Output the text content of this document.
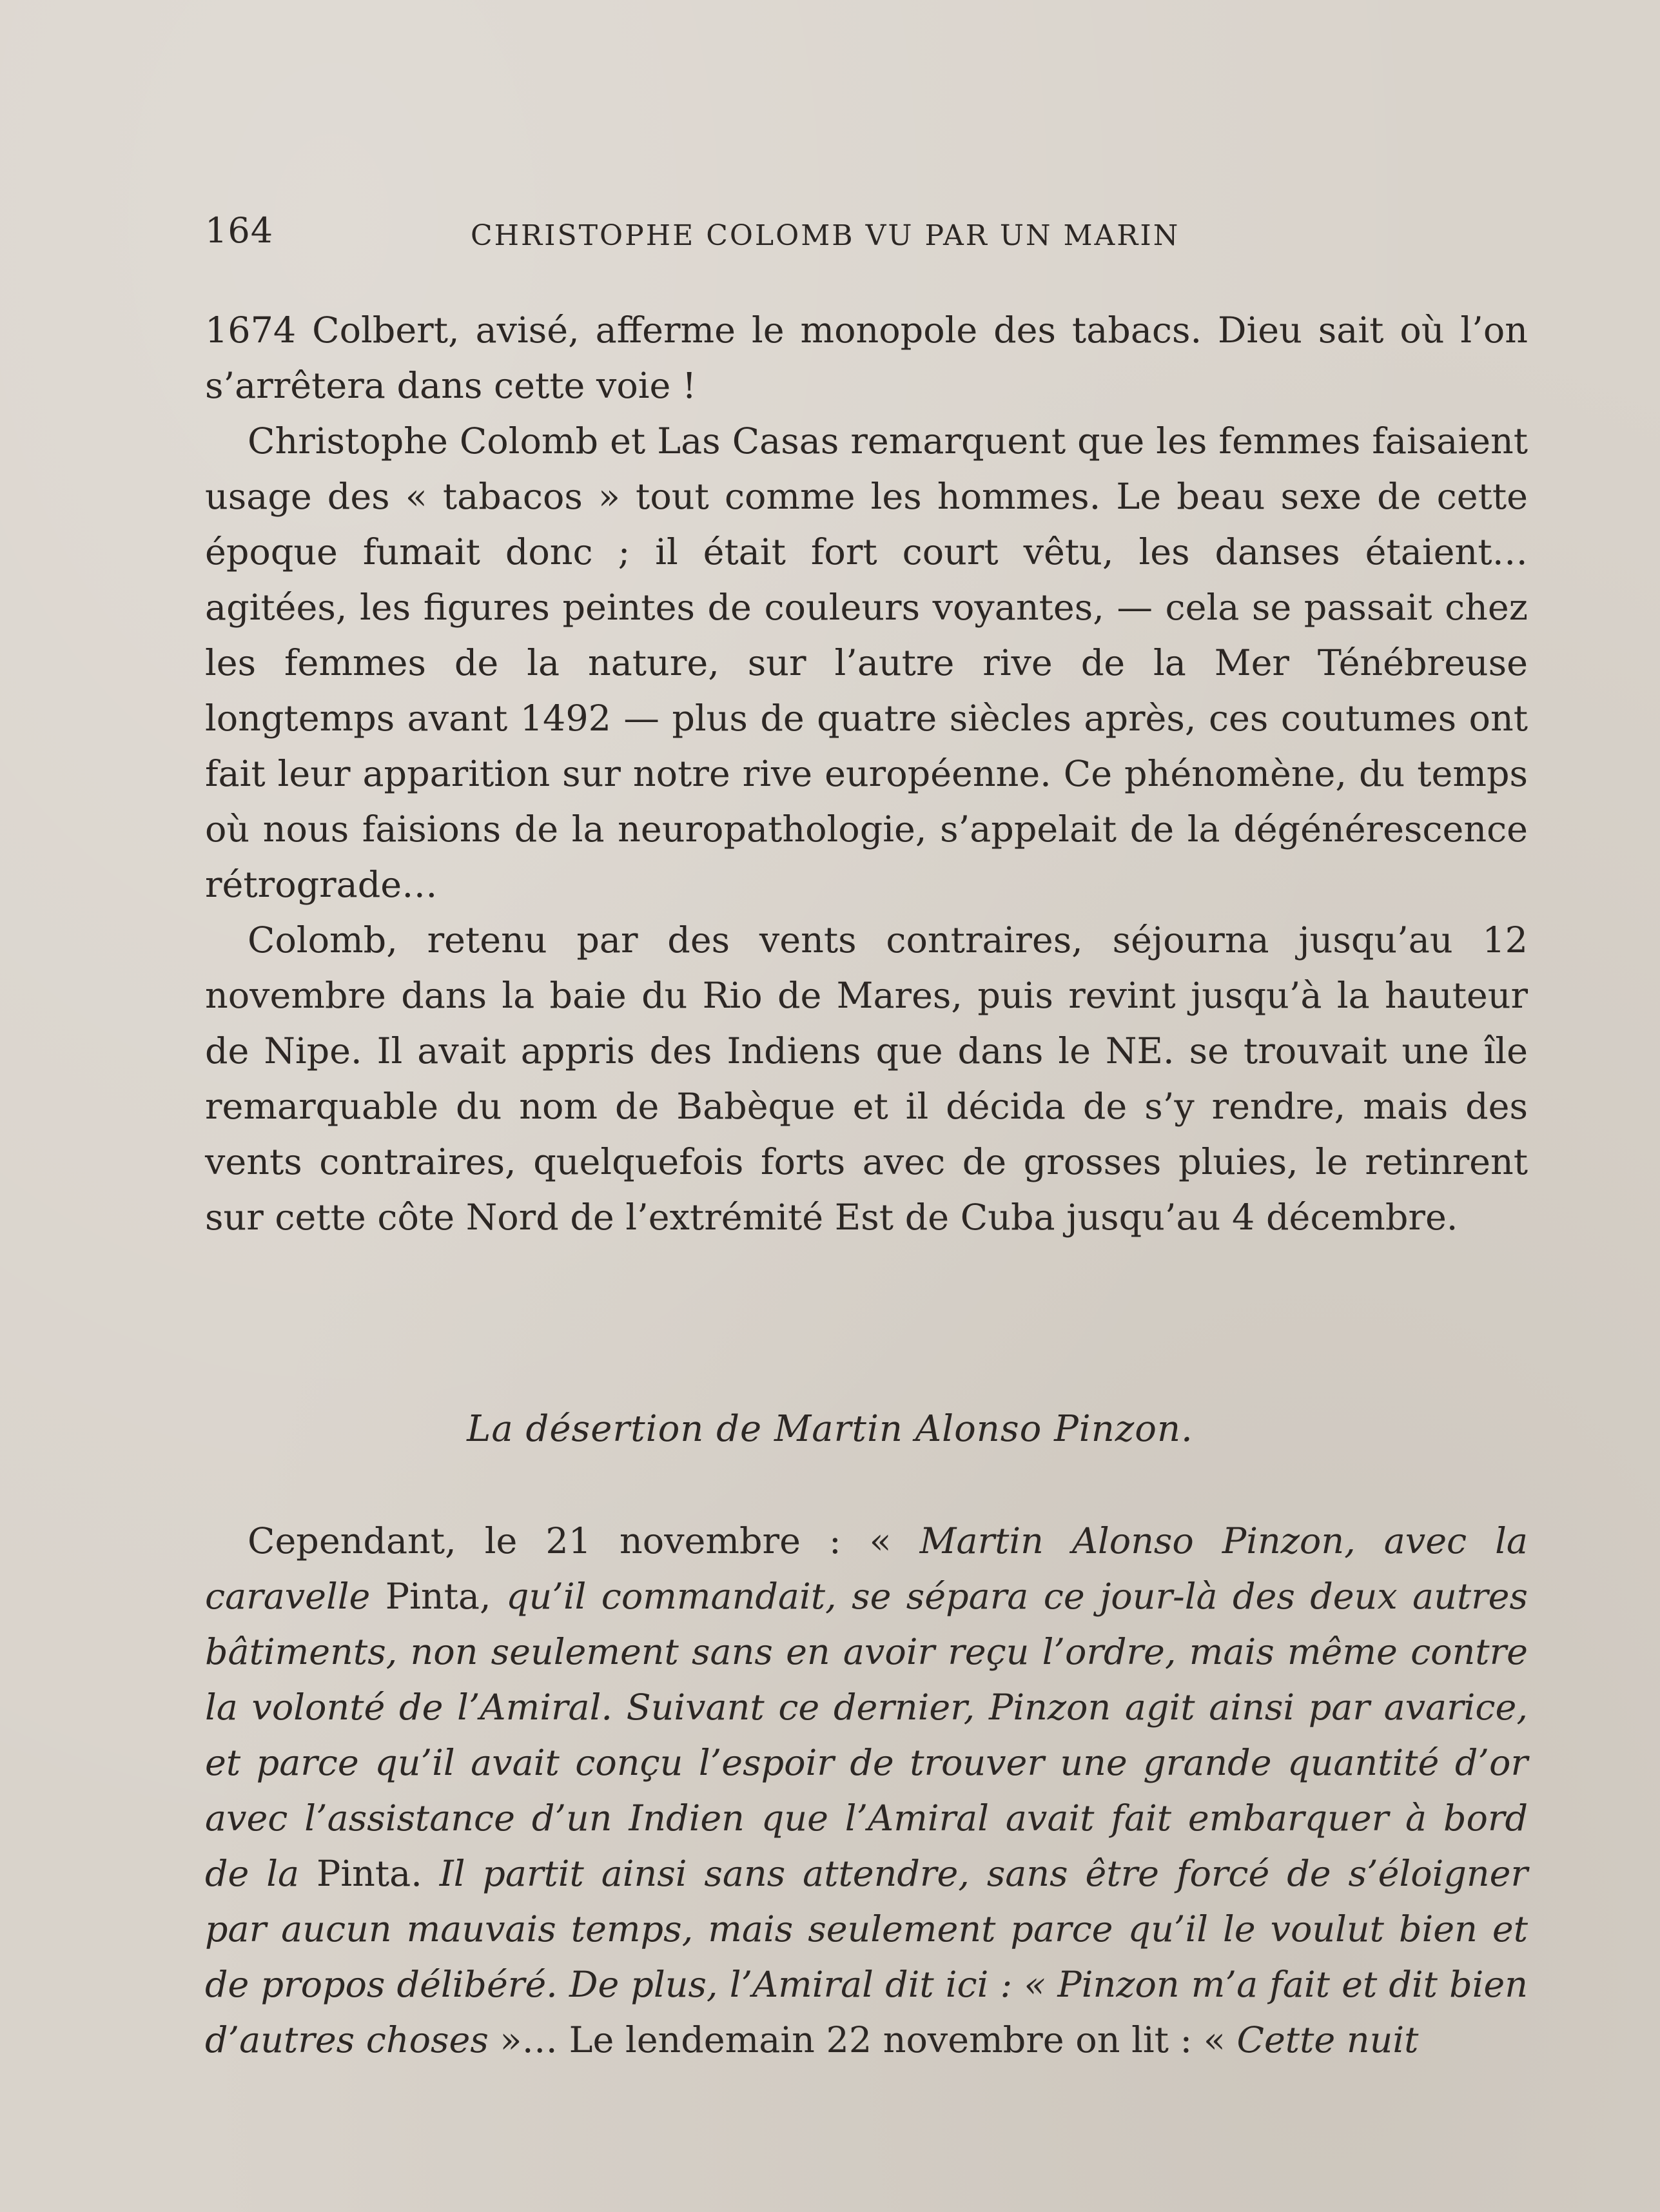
164	CHRISTOPHE COLOMB VU PAR UN MARIN

1674 Colbert, avisé, afferme le monopole des tabacs. Dieu sait où l’on s’arrêtera dans cette voie !

Christophe Colomb et Las Casas remarquent que les femmes faisaient usage des « tabacos » tout comme les hommes. Le beau sexe de cette époque fumait donc ; il était fort court vêtu, les danses étaient… agitées, les figures peintes de couleurs voyantes, — cela se passait chez les femmes de la nature, sur l’autre rive de la Mer Ténébreuse longtemps avant 1492 — plus de quatre siècles après, ces coutumes ont fait leur apparition sur notre rive européenne. Ce phénomène, du temps où nous faisions de la neuropathologie, s’appelait de la dégénérescence rétrograde…

Colomb, retenu par des vents contraires, séjourna jusqu’au 12 novembre dans la baie du Rio de Mares, puis revint jusqu’à la hauteur de Nipe. Il avait appris des Indiens que dans le NE. se trouvait une île remarquable du nom de Babèque et il décida de s’y rendre, mais des vents contraires, quelquefois forts avec de grosses pluies, le retinrent sur cette côte Nord de l’extrémité Est de Cuba jusqu’au 4 décembre.

La désertion de Martin Alonso Pinzon.

Cependant, le 21 novembre : « Martin Alonso Pinzon, avec la caravelle Pinta, qu’il commandait, se sépara ce jour-là des deux autres bâtiments, non seulement sans en avoir reçu l’ordre, mais même contre la volonté de l’Amiral. Suivant ce dernier, Pinzon agit ainsi par avarice, et parce qu’il avait conçu l’espoir de trouver une grande quantité d’or avec l’assistance d’un Indien que l’Amiral avait fait embarquer à bord de la Pinta. Il partit ainsi sans attendre, sans être forcé de s’éloigner par aucun mauvais temps, mais seulement parce qu’il le voulut bien et de propos délibéré. De plus, l’Amiral dit ici : « Pinzon m’a fait et dit bien d’autres choses »… Le lendemain 22 novembre on lit : « Cette nuit
